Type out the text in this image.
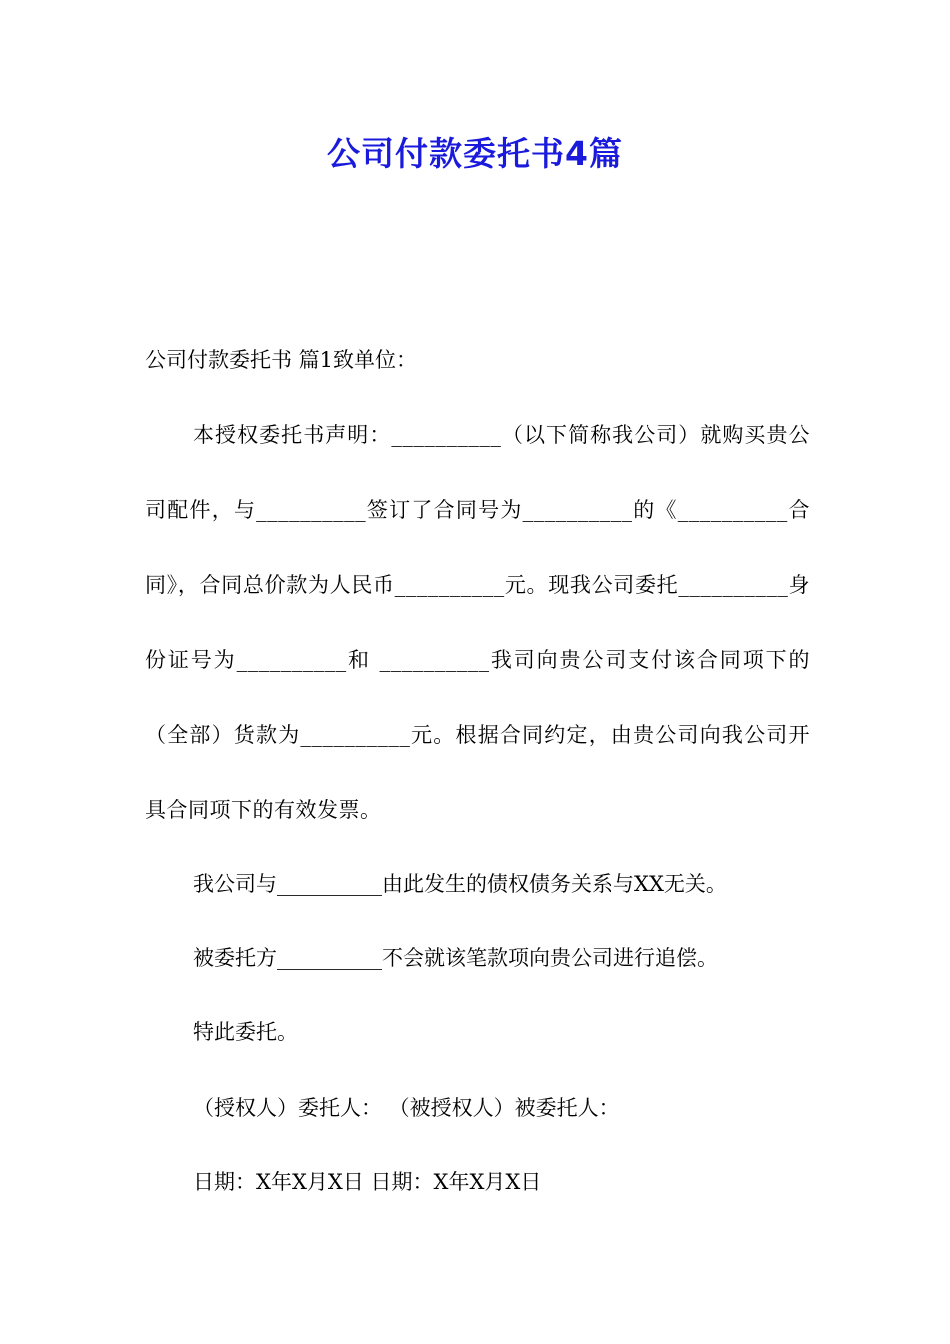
公司付款委托书4篇
公司付款委托书 篇1致单位：

本授权委托书声明：__________（以下简称我公司）就购买贵公司配件，与__________签订了合同号为__________的《__________合同》，合同总价款为人民币__________元。现我公司委托__________身份证号为__________和 __________我司向贵公司支付该合同项下的（全部）货款为__________元。根据合同约定，由贵公司向我公司开具合同项下的有效发票。

我公司与__________由此发生的债权债务关系与XX无关。
被委托方__________不会就该笔款项向贵公司进行追偿。
特此委托。
（授权人）委托人： （被授权人）被委托人：
日期：X年X月X日 日期：X年X月X日
